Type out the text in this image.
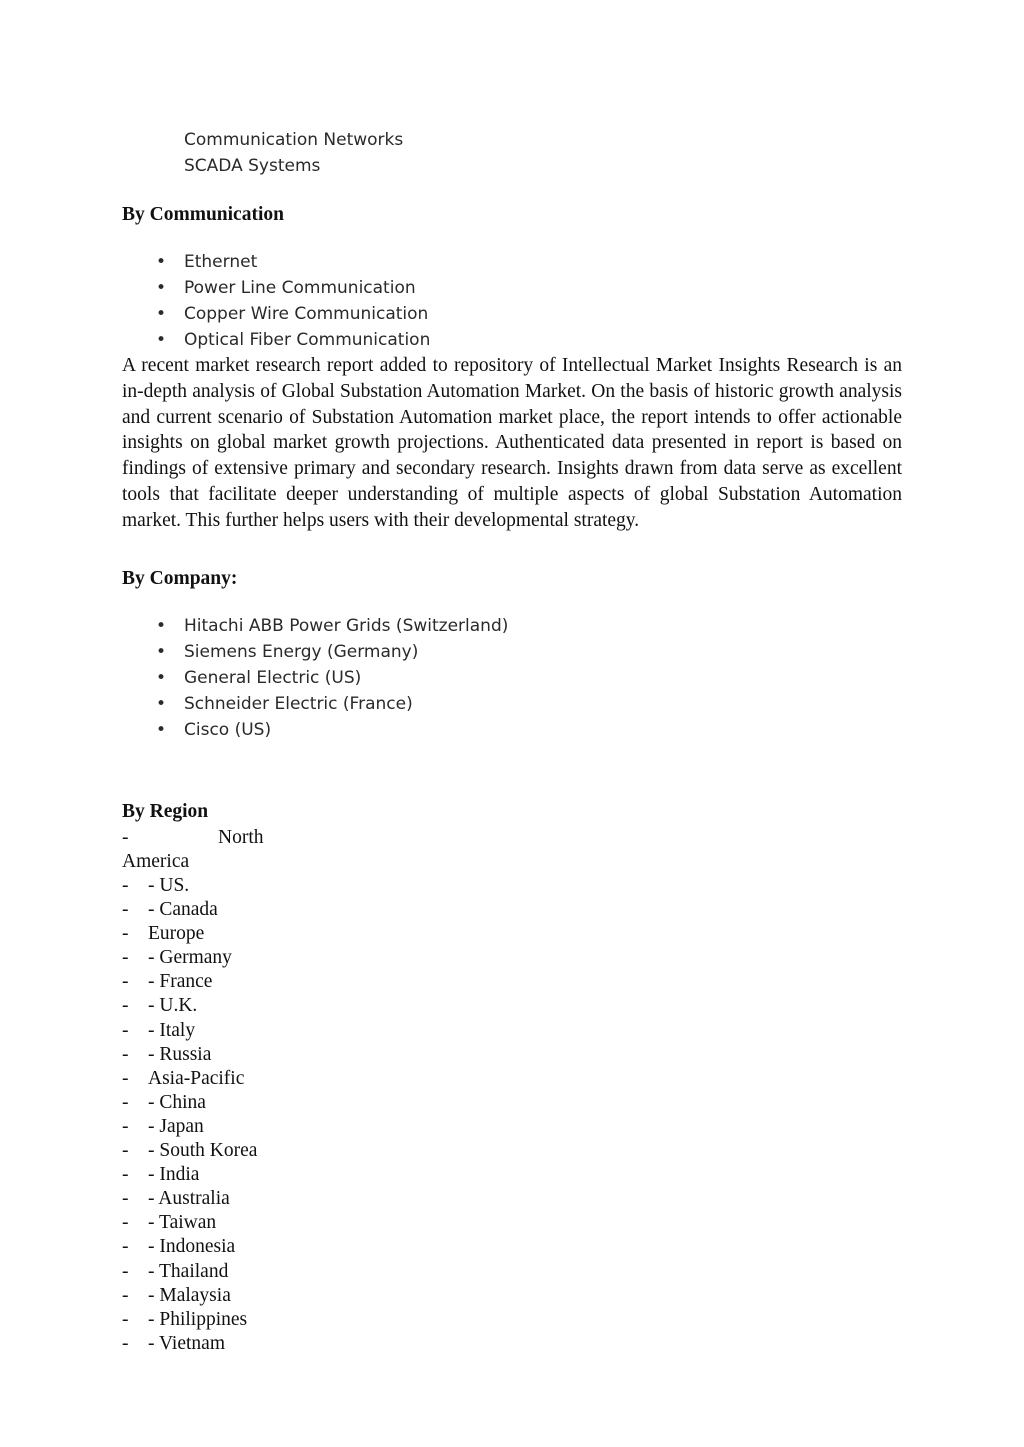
Communication Networks
SCADA Systems
By Communication
• Ethernet
• Power Line Communication
• Copper Wire Communication
• Optical Fiber Communication

A recent market research report added to repository of Intellectual Market Insights Research is an in-depth analysis of Global Substation Automation Market. On the basis of historic growth analysis and current scenario of Substation Automation market place, the report intends to offer actionable insights on global market growth projections. Authenticated data presented in report is based on findings of extensive primary and secondary research. Insights drawn from data serve as excellent tools that facilitate deeper understanding of multiple aspects of global Substation Automation market. This further helps users with their developmental strategy.

By Company:
• Hitachi ABB Power Grids (Switzerland)
• Siemens Energy (Germany)
• General Electric (US)
• Schneider Electric (France)
• Cisco (US)
By Region
-	North
America
- - US.
- - Canada
- Europe
- - Germany
- - France
- - U.K.
- - Italy
- - Russia
- Asia-Pacific
- - China
- - Japan
- - South Korea
- - India
- - Australia
- - Taiwan
- - Indonesia
- - Thailand
- - Malaysia
- - Philippines
- - Vietnam
